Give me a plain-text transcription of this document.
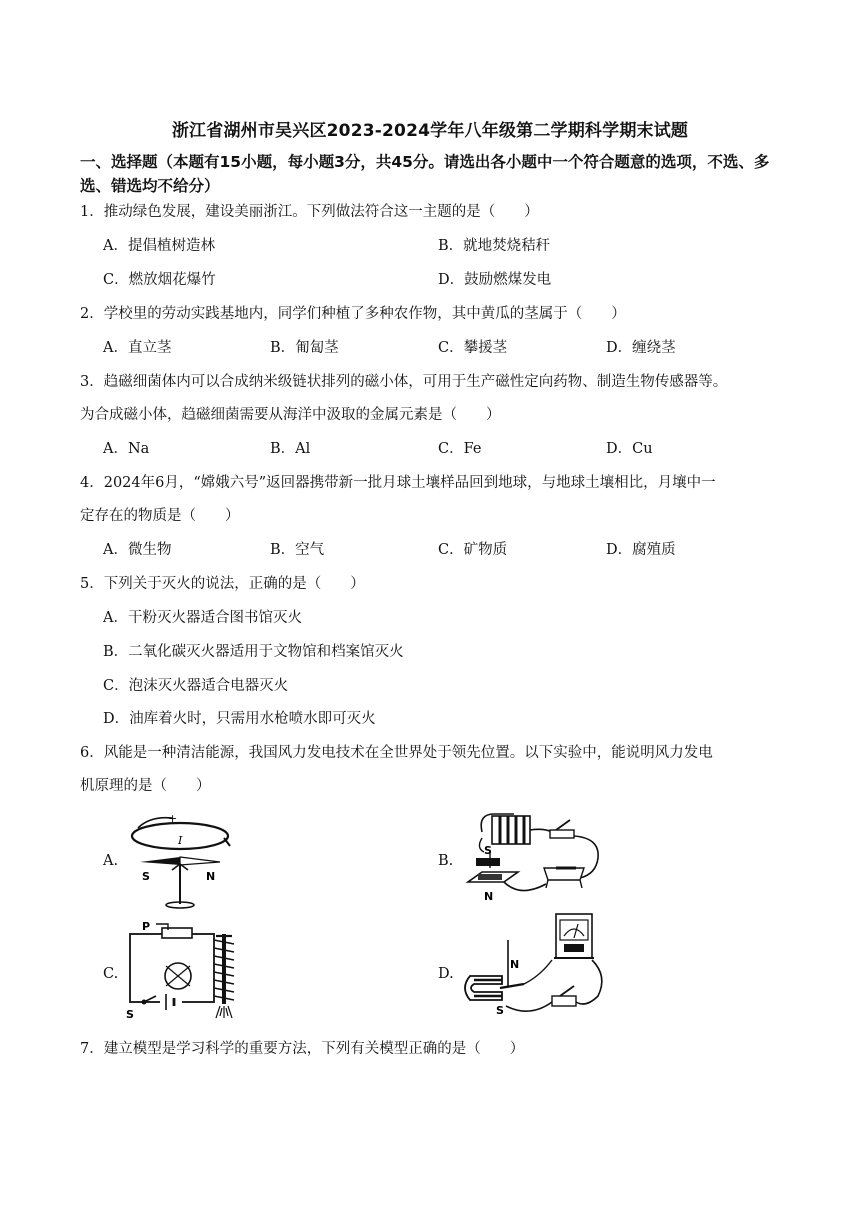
浙江省湖州市吴兴区2023-2024学年八年级第二学期科学期末试题
一、选择题（本题有15小题，每小题3分，共45分。请选出各小题中一个符合题意的选项，不选、多选、错选均不给分）
1．推动绿色发展，建设美丽浙江。下列做法符合这一主题的是（　　）
A．提倡植树造林	B．就地焚烧秸秆
C．燃放烟花爆竹	D．鼓励燃煤发电
2．学校里的劳动实践基地内，同学们种植了多种农作物，其中黄瓜的茎属于（　　）
A．直立茎	B．匍匐茎	C．攀援茎	D．缠绕茎
3．趋磁细菌体内可以合成纳米级链状排列的磁小体，可用于生产磁性定向药物、制造生物传感器等。
为合成磁小体，趋磁细菌需要从海洋中汲取的金属元素是（　　）
A．Na	B．Al	C．Fe	D．Cu
4．2024年6月，“嫦娥六号”返回器携带新一批月球土壤样品回到地球，与地球土壤相比，月壤中一
定存在的物质是（　　）
A．微生物	B．空气	C．矿物质	D．腐殖质
5．下列关于灭火的说法，正确的是（　　）
A．干粉灭火器适合图书馆灭火
B．二氧化碳灭火器适用于文物馆和档案馆灭火
C．泡沫灭火器适合电器灭火
D．油库着火时，只需用水枪喷水即可灭火
6．风能是一种清洁能源，我国风力发电技术在全世界处于领先位置。以下实验中，能说明风力发电
机原理的是（　　）
A.	B.
C.	D.
+
I
S	N
S
N
P
S
N
S
7．建立模型是学习科学的重要方法，下列有关模型正确的是（　　）
